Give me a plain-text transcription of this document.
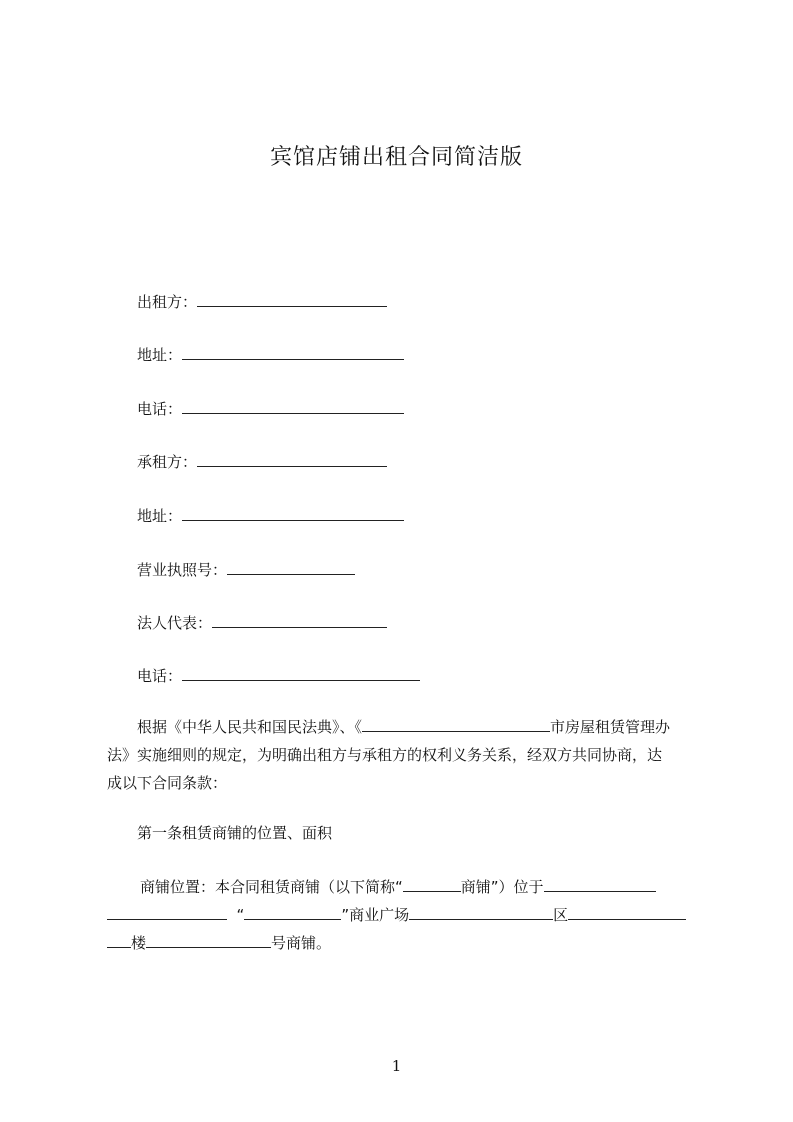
宾馆店铺出租合同简洁版
出租方：
地址：
电话：
承租方：
地址：
营业执照号：
法人代表：
电话：
根据《中华人民共和国民法典》、《	市房屋租赁管理办
法》实施细则的规定，为明确出租方与承租方的权利义务关系，经双方共同协商，达
成以下合同条款：
第一条租赁商铺的位置、面积
商铺位置：本合同租赁商铺（以下简称“	商铺”）位于
“	”商业广场	区
楼	号商铺。
1
